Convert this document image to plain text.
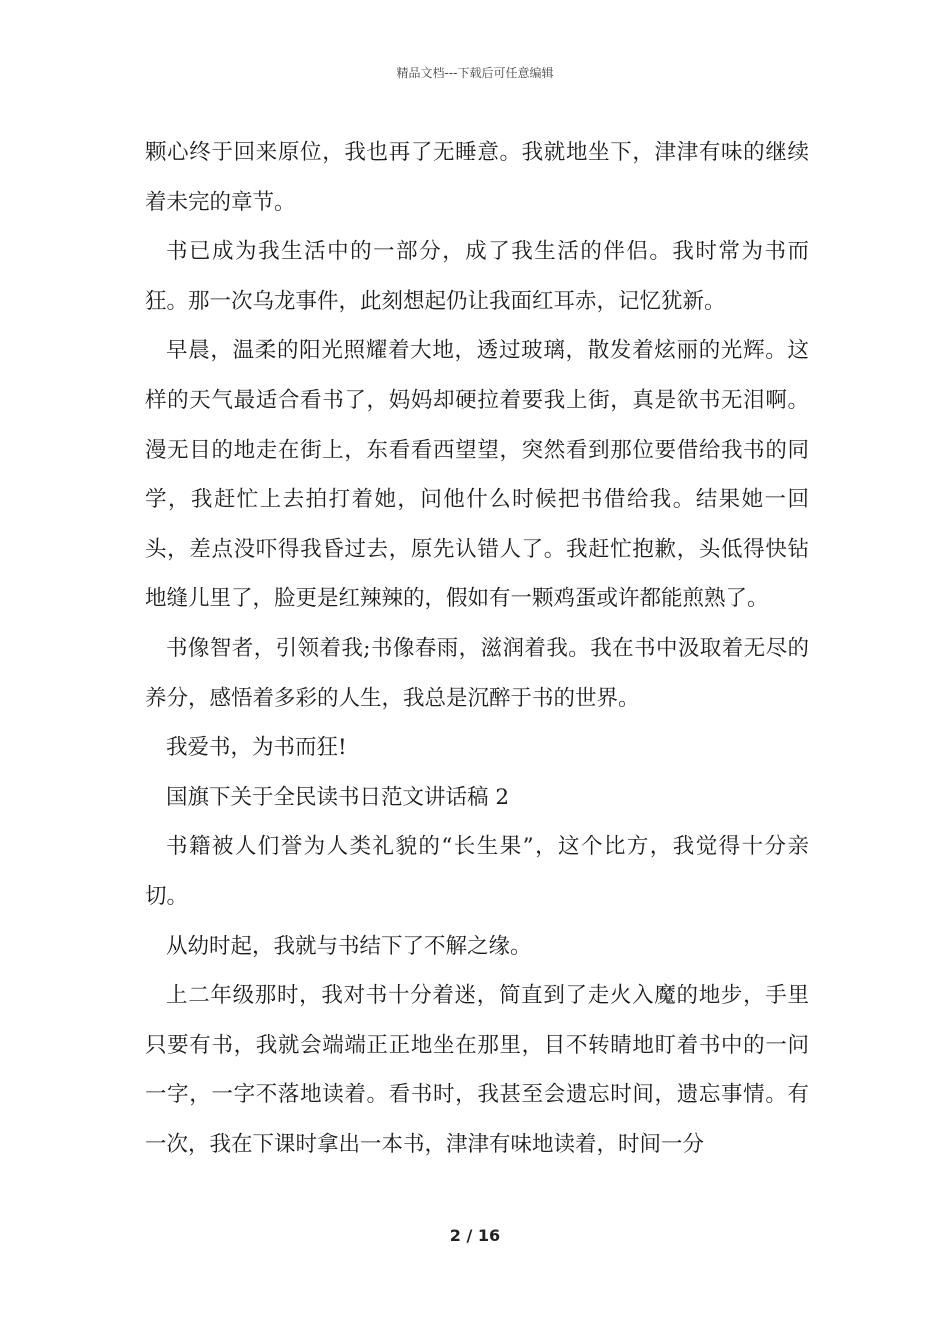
精品文档---下载后可任意编辑

颗心终于回来原位，我也再了无睡意。我就地坐下，津津有味的继续着未完的章节。

书已成为我生活中的一部分，成了我生活的伴侣。我时常为书而狂。那一次乌龙事件，此刻想起仍让我面红耳赤，记忆犹新。

早晨，温柔的阳光照耀着大地，透过玻璃，散发着炫丽的光辉。这样的天气最适合看书了，妈妈却硬拉着要我上街，真是欲书无泪啊。漫无目的地走在街上，东看看西望望，突然看到那位要借给我书的同学，我赶忙上去拍打着她，问他什么时候把书借给我。结果她一回头，差点没吓得我昏过去，原先认错人了。我赶忙抱歉，头低得快钻地缝儿里了，脸更是红辣辣的，假如有一颗鸡蛋或许都能煎熟了。

书像智者，引领着我;书像春雨，滋润着我。我在书中汲取着无尽的养分，感悟着多彩的人生，我总是沉醉于书的世界。

我爱书，为书而狂!

国旗下关于全民读书日范文讲话稿 2

书籍被人们誉为人类礼貌的“长生果”，这个比方，我觉得十分亲切。

从幼时起，我就与书结下了不解之缘。

上二年级那时，我对书十分着迷，简直到了走火入魔的地步，手里只要有书，我就会端端正正地坐在那里，目不转睛地盯着书中的一问一字，一字不落地读着。看书时，我甚至会遗忘时间，遗忘事情。有一次，我在下课时拿出一本书，津津有味地读着，时间一分

2 / 16
